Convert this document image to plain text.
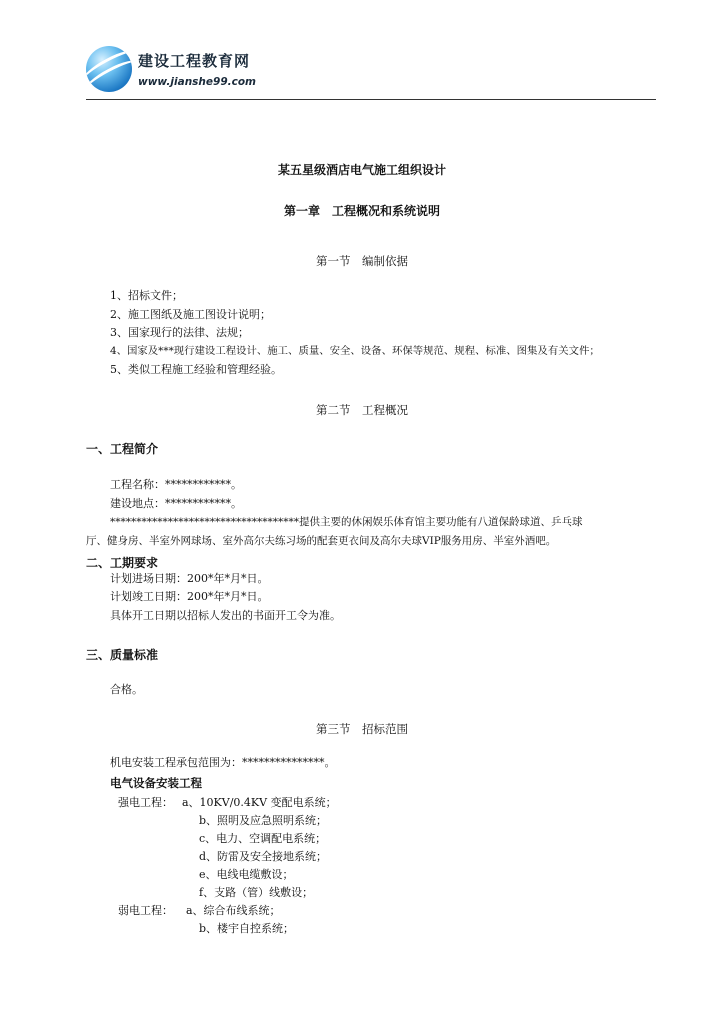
建设工程教育网
www.jianshe99.com
某五星级酒店电气施工组织设计
第一章　工程概况和系统说明
第一节　编制依据
1、招标文件；
2、施工图纸及施工图设计说明；
3、国家现行的法律、法规；
4、国家及***现行建设工程设计、施工、质量、安全、设备、环保等规范、规程、标准、图集及有关文件；
5、类似工程施工经验和管理经验。
第二节　工程概况
一、工程简介
工程名称：************。
建设地点：************。
************************************提供主要的休闲娱乐体育馆主要功能有八道保龄球道、乒乓球
厅、健身房、半室外网球场、室外高尔夫练习场的配套更衣间及高尔夫球VIP服务用房、半室外酒吧。
二、工期要求
计划进场日期：200*年*月*日。
计划竣工日期：200*年*月*日。
具体开工日期以招标人发出的书面开工令为准。
三、质量标准
合格。
第三节　招标范围
机电安装工程承包范围为：***************。
电气设备安装工程
强电工程： a、10KV/0.4KV 变配电系统；
b、照明及应急照明系统；
c、电力、空调配电系统；
d、防雷及安全接地系统；
e、电线电缆敷设；
f、支路（管）线敷设；
弱电工程： a、综合布线系统；
b、楼宇自控系统；
